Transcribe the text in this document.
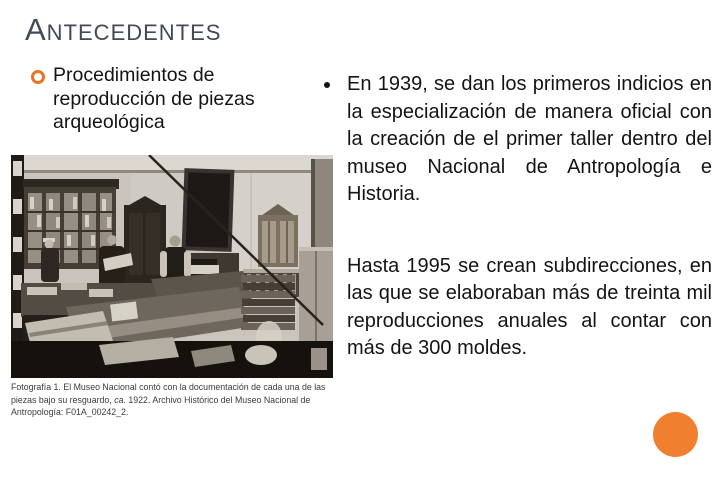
Antecedentes
Procedimientos de reproducción de piezas arqueológica
Fotografía 1. El Museo Nacional contó con la documentación de cada una de las piezas bajo su resguardo, ca. 1922. Archivo Histórico del Museo Nacional de Antropología: F01A_00242_2.

En 1939, se dan los primeros indicios en la especialización de manera oficial con la creación de el primer taller dentro del museo Nacional de Antropología e Historia.

Hasta 1995 se crean subdirecciones, en las que se elaboraban más de treinta mil reproducciones anuales al contar con más de 300 moldes.
